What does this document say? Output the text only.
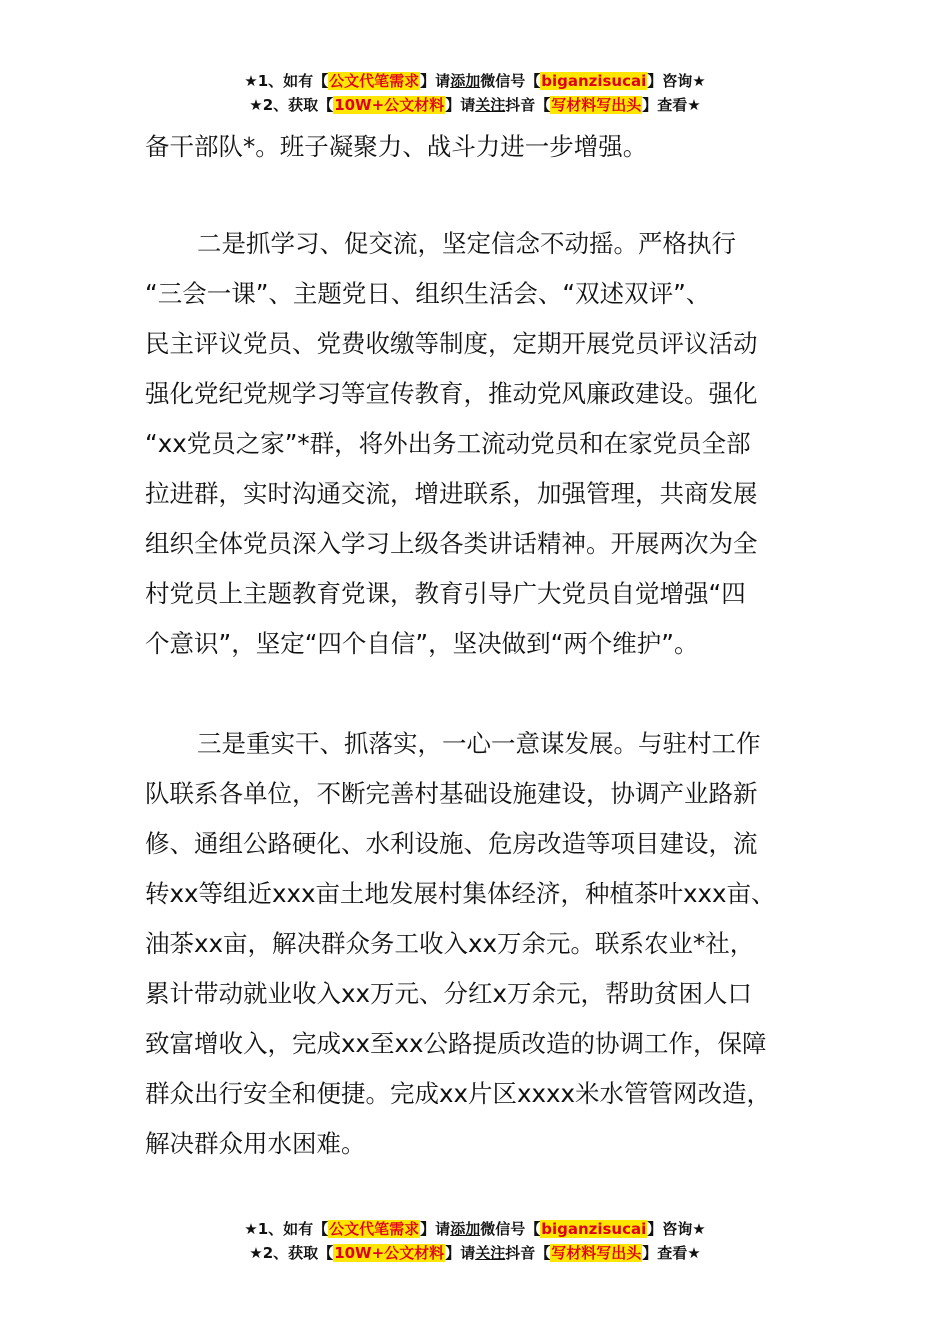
★1、如有【公文代笔需求】请添加微信号【biganzisucai】咨询★
★2、获取【10W+公文材料】请关注抖音【写材料写出头】查看★
备干部队*。班子凝聚力、战斗力进一步增强。
二是抓学习、促交流，坚定信念不动摇。严格执行
“三会一课”、主题党日、组织生活会、“双述双评”、
民主评议党员、党费收缴等制度，定期开展党员评议活动
强化党纪党规学习等宣传教育，推动党风廉政建设。强化
“xx党员之家”*群，将外出务工流动党员和在家党员全部
拉进群，实时沟通交流，增进联系，加强管理，共商发展
组织全体党员深入学习上级各类讲话精神。开展两次为全
村党员上主题教育党课，教育引导广大党员自觉增强“四
个意识”，坚定“四个自信”，坚决做到“两个维护”。
三是重实干、抓落实，一心一意谋发展。与驻村工作
队联系各单位，不断完善村基础设施建设，协调产业路新
修、通组公路硬化、水利设施、危房改造等项目建设，流
转xx等组近xxx亩土地发展村集体经济，种植茶叶xxx亩、
油茶xx亩，解决群众务工收入xx万余元。联系农业*社，
累计带动就业收入xx万元、分红x万余元，帮助贫困人口
致富增收入，完成xx至xx公路提质改造的协调工作，保障
群众出行安全和便捷。完成xx片区xxxx米水管管网改造，
解决群众用水困难。
★1、如有【公文代笔需求】请添加微信号【biganzisucai】咨询★
★2、获取【10W+公文材料】请关注抖音【写材料写出头】查看★
